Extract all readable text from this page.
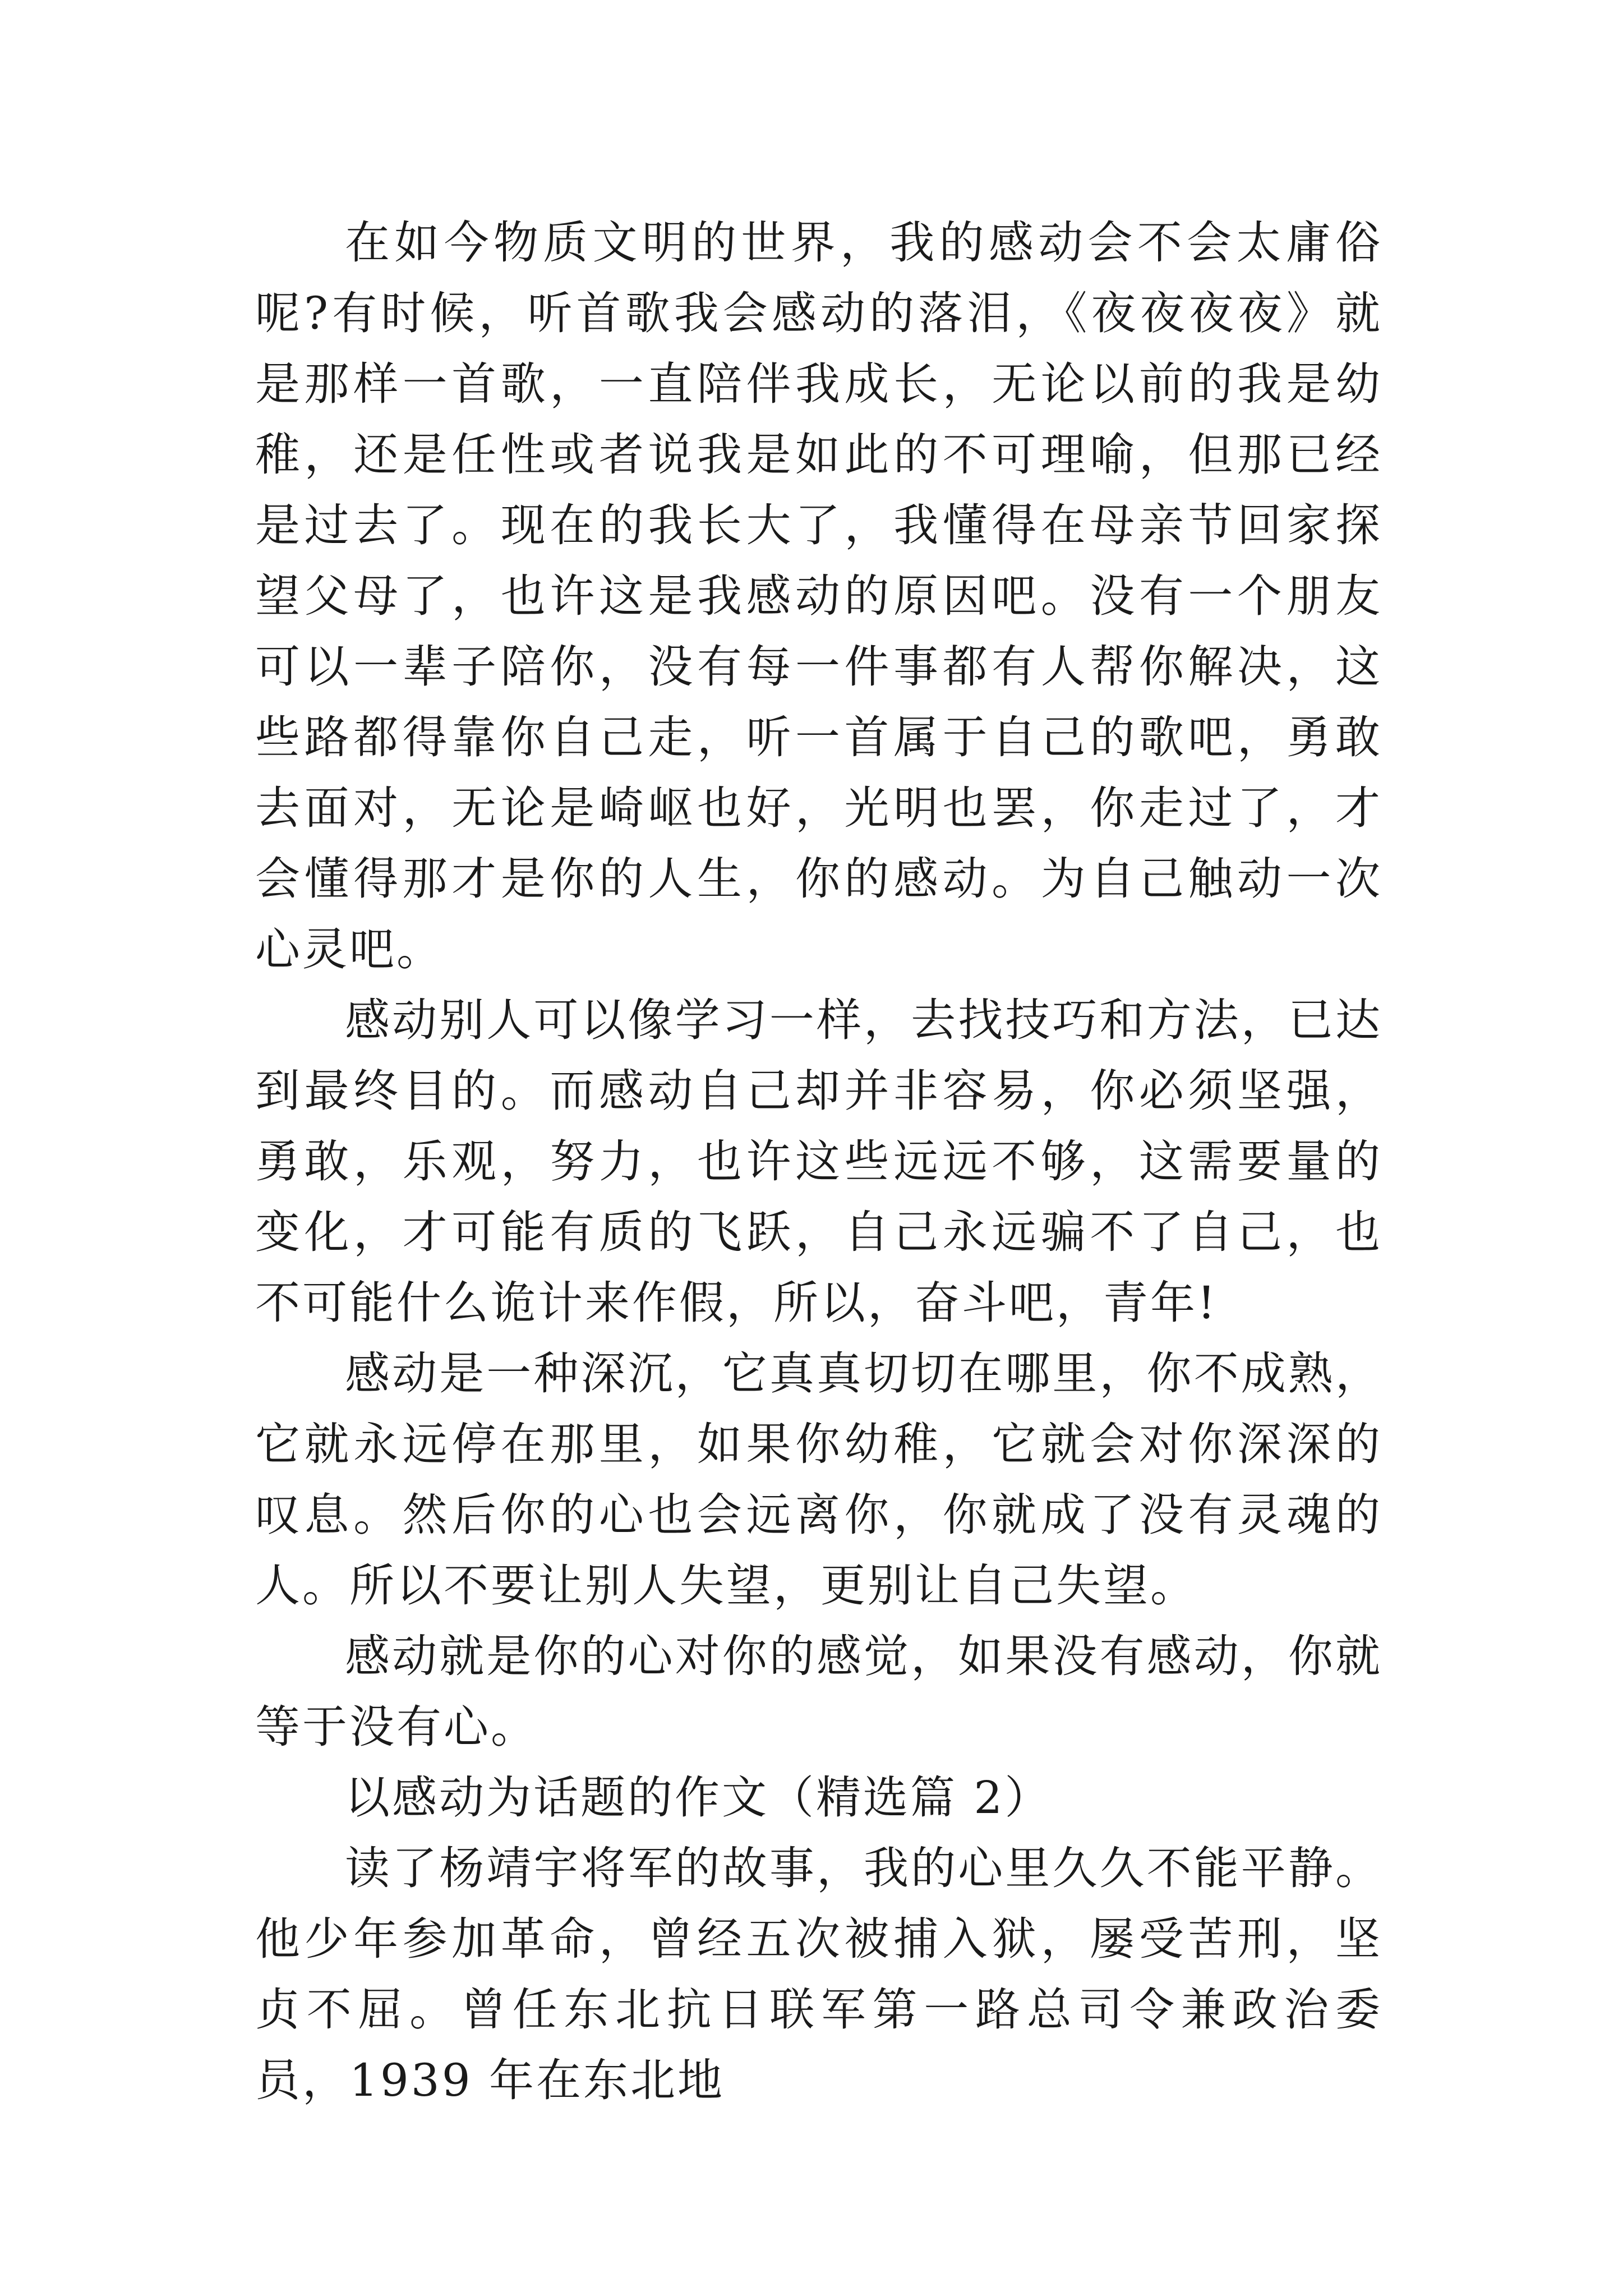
在如今物质文明的世界，我的感动会不会太庸俗呢?有时候，听首歌我会感动的落泪，《夜夜夜夜》就是那样一首歌，一直陪伴我成长，无论以前的我是幼稚，还是任性或者说我是如此的不可理喻，但那已经是过去了。现在的我长大了，我懂得在母亲节回家探望父母了，也许这是我感动的原因吧。没有一个朋友可以一辈子陪你，没有每一件事都有人帮你解决，这些路都得靠你自己走，听一首属于自己的歌吧，勇敢去面对，无论是崎岖也好，光明也罢，你走过了，才会懂得那才是你的人生，你的感动。为自己触动一次心灵吧。

感动别人可以像学习一样，去找技巧和方法，已达到最终目的。而感动自己却并非容易，你必须坚强，勇敢，乐观，努力，也许这些远远不够，这需要量的变化，才可能有质的飞跃，自己永远骗不了自己，也不可能什么诡计来作假，所以，奋斗吧，青年!

感动是一种深沉，它真真切切在哪里，你不成熟，它就永远停在那里，如果你幼稚，它就会对你深深的叹息。然后你的心也会远离你，你就成了没有灵魂的人。所以不要让别人失望，更别让自己失望。

感动就是你的心对你的感觉，如果没有感动，你就等于没有心。

以感动为话题的作文（精选篇 2）

读了杨靖宇将军的故事，我的心里久久不能平静。他少年参加革命，曾经五次被捕入狱，屡受苦刑，坚贞不屈。曾任东北抗日联军第一路总司令兼政治委员，1939 年在东北地
